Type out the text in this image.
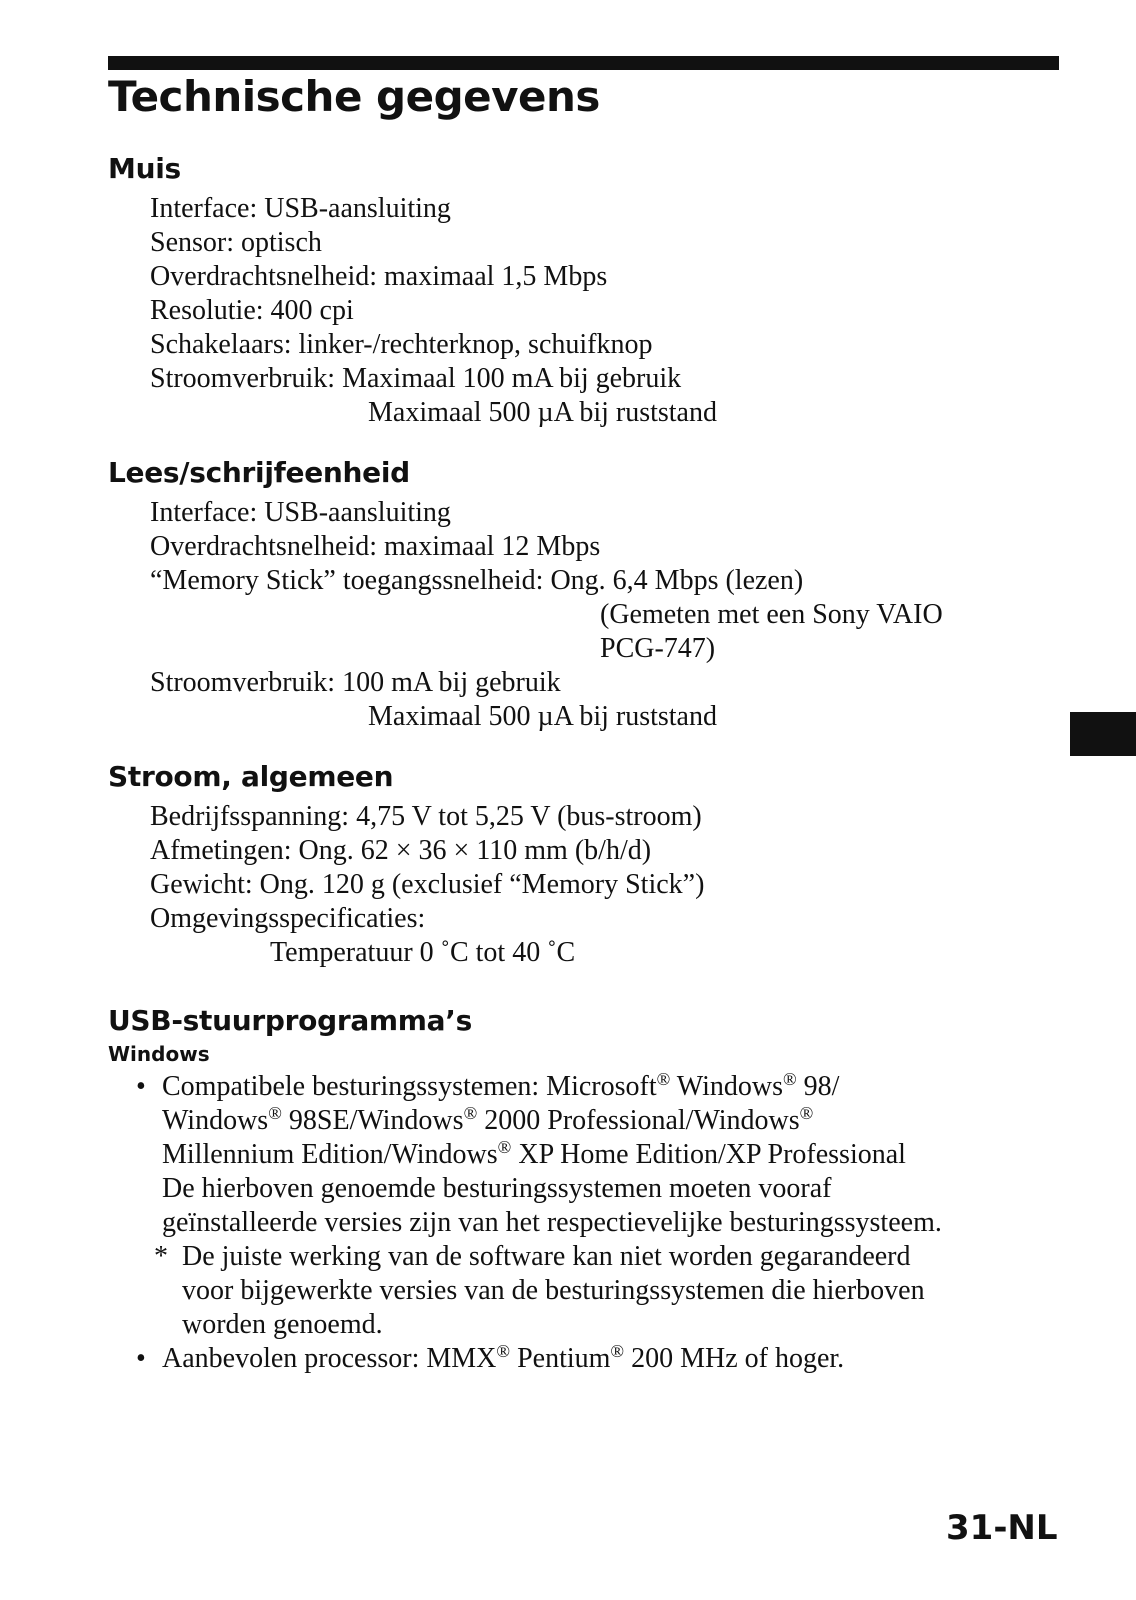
Technische gegevens
Muis
Interface: USB-aansluiting
Sensor: optisch
Overdrachtsnelheid: maximaal 1,5 Mbps
Resolutie: 400 cpi
Schakelaars: linker-/rechterknop, schuifknop
Stroomverbruik: Maximaal 100 mA bij gebruik
Maximaal 500 µA bij ruststand
Lees/schrijfeenheid
Interface: USB-aansluiting
Overdrachtsnelheid: maximaal 12 Mbps
“Memory Stick” toegangssnelheid: Ong. 6,4 Mbps (lezen)
(Gemeten met een Sony VAIO
PCG-747)
Stroomverbruik: 100 mA bij gebruik
Maximaal 500 µA bij ruststand
Stroom, algemeen
Bedrijfsspanning: 4,75 V tot 5,25 V (bus-stroom)
Afmetingen: Ong. 62 × 36 × 110 mm (b/h/d)
Gewicht: Ong. 120 g (exclusief “Memory Stick”)
Omgevingsspecificaties:
Temperatuur 0 ˚C tot 40 ˚C
USB-stuurprogramma’s
Windows
• Compatibele besturingssystemen: Microsoft® Windows® 98/
Windows® 98SE/Windows® 2000 Professional/Windows®
Millennium Edition/Windows® XP Home Edition/XP Professional
De hierboven genoemde besturingssystemen moeten vooraf
geïnstalleerde versies zijn van het respectievelijke besturingssysteem.
* De juiste werking van de software kan niet worden gegarandeerd
voor bijgewerkte versies van de besturingssystemen die hierboven
worden genoemd.
• Aanbevolen processor: MMX® Pentium® 200 MHz of hoger.
31-NL
